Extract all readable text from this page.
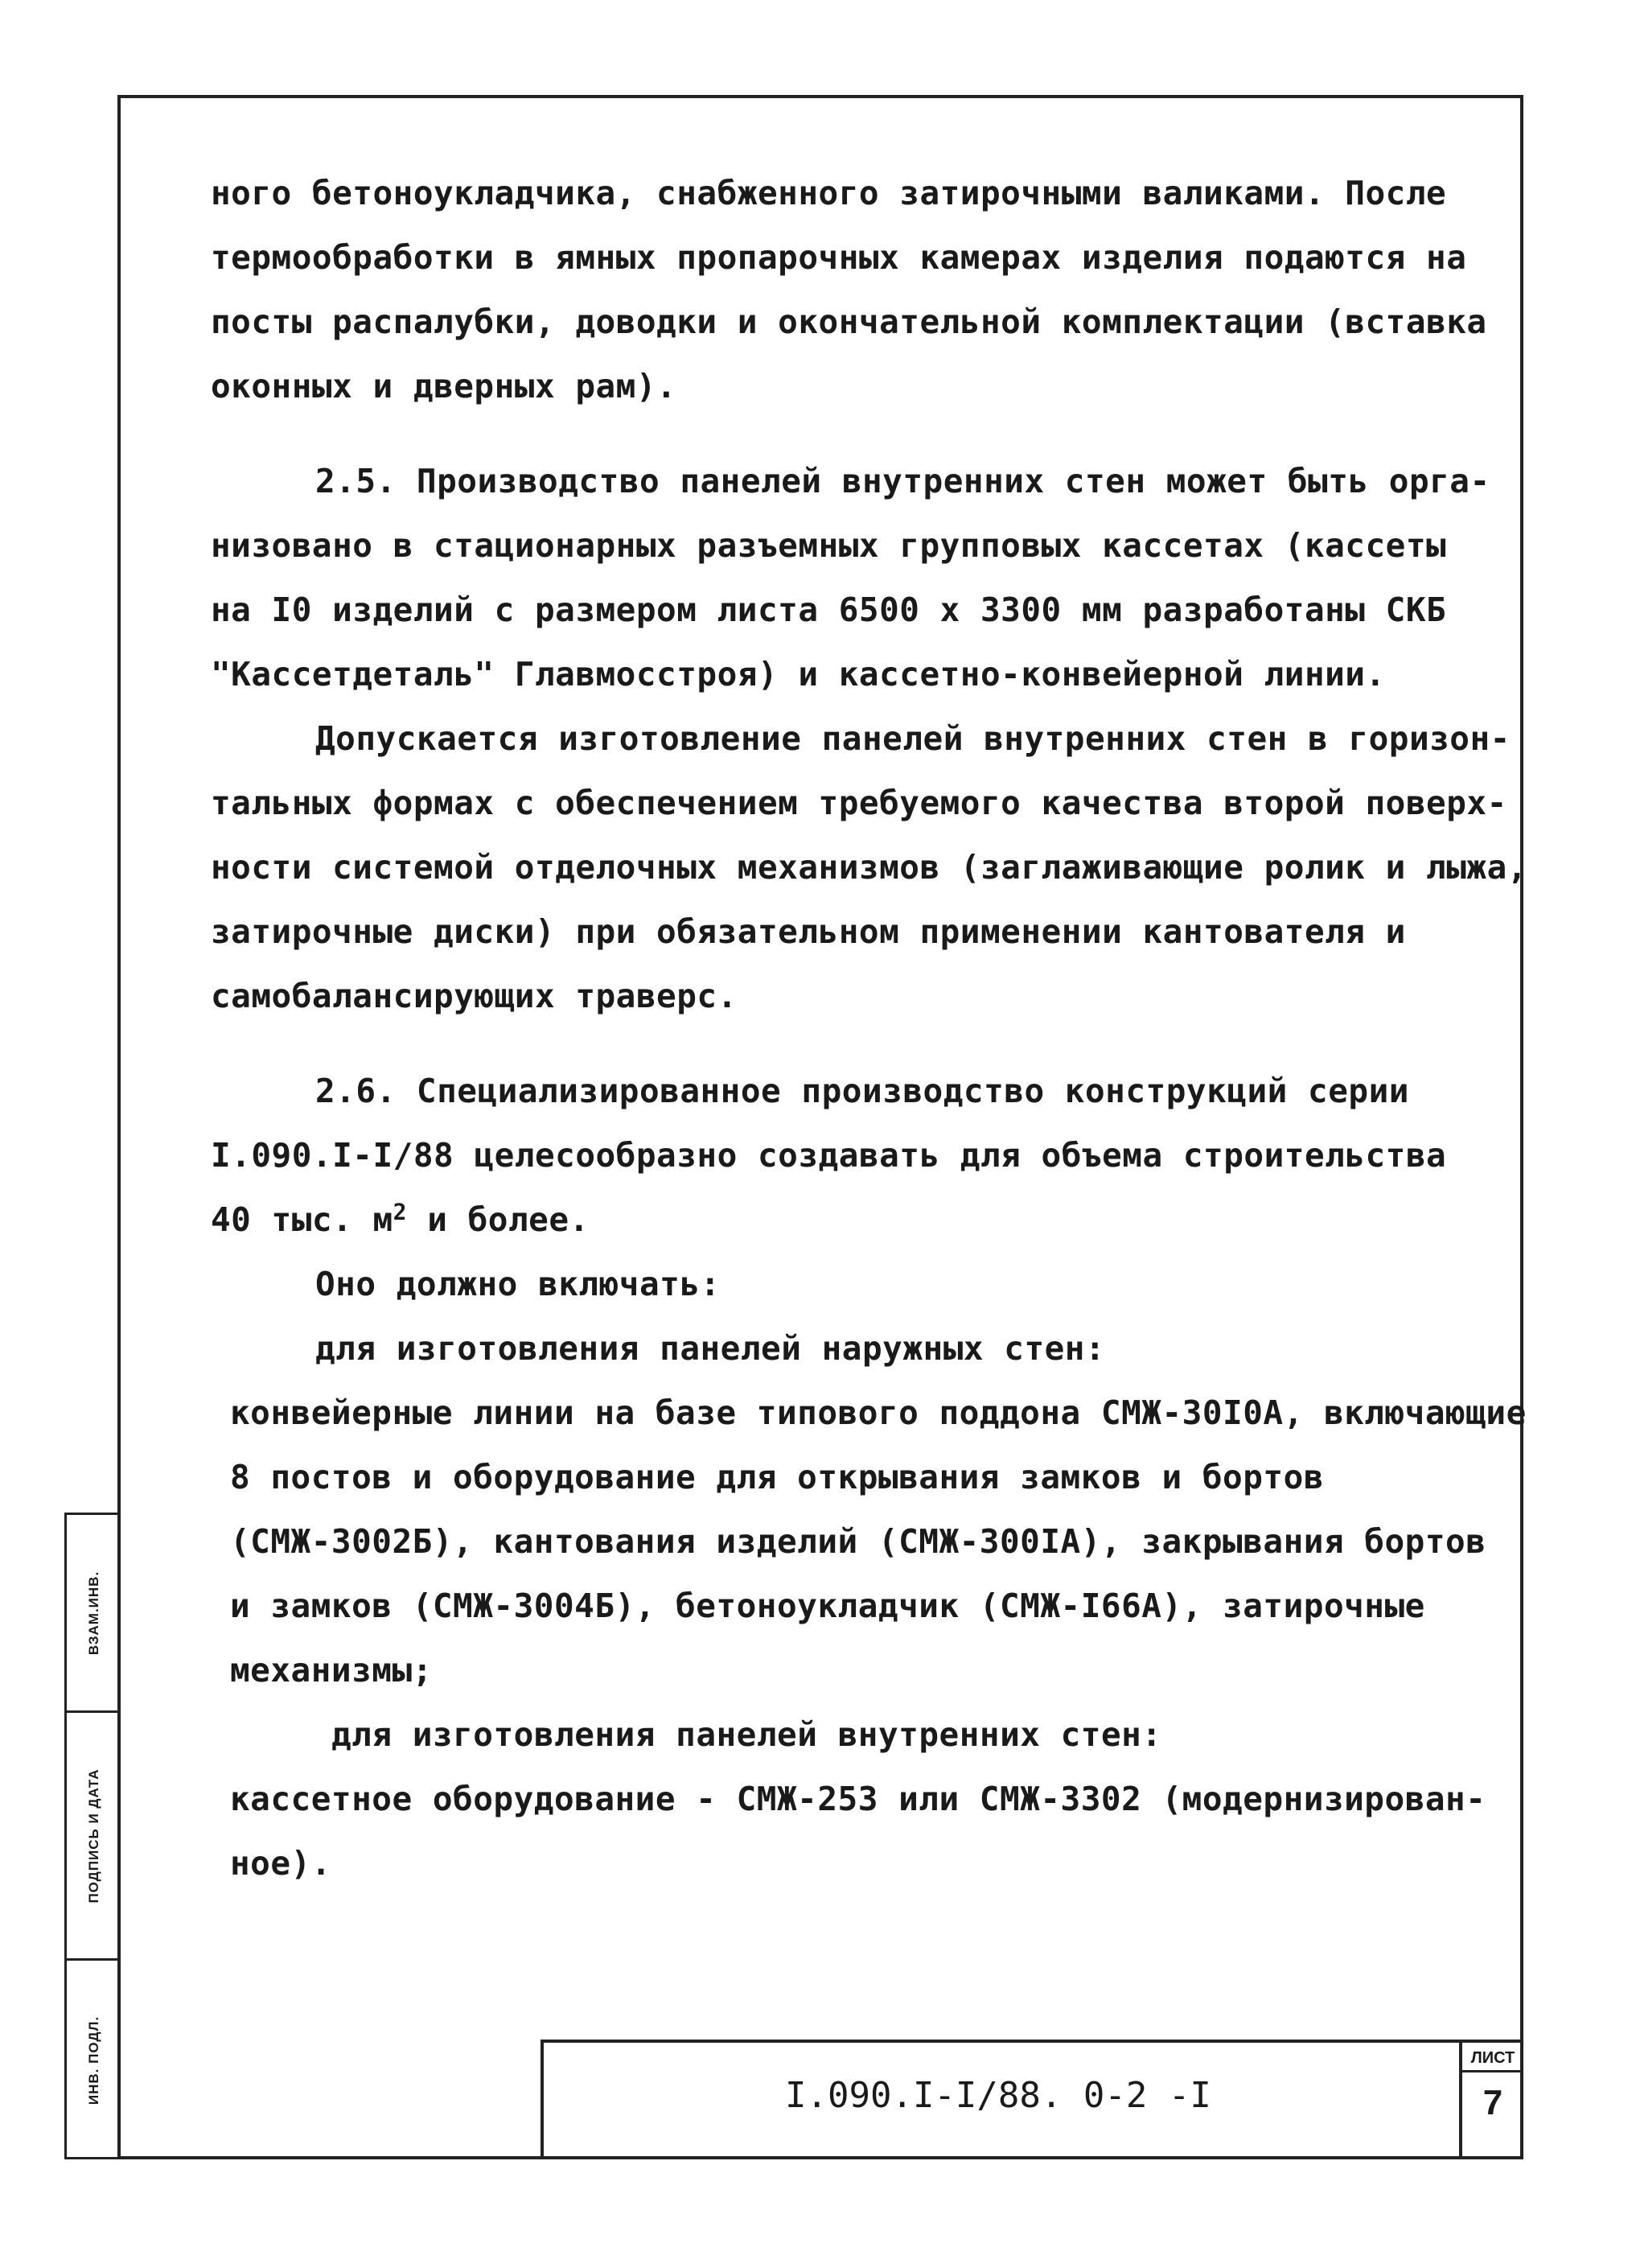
ного бетоноукладчика, снабженного затирочными валиками. После
термообработки в ямных пропарочных камерах изделия подаются на
посты распалубки, доводки и окончательной комплектации (вставка
оконных и дверных рам).
2.5. Производство панелей внутренних стен может быть орга-
низовано в стационарных разъемных групповых кассетах (кассеты
на I0 изделий с размером листа 6500 х 3300 мм разработаны СКБ
"Касcетдеталь" Главмосстроя) и кассетно-конвейерной линии.
Допускается изготовление панелей внутренних стен в горизон-
тальных формах с обеспечением требуемого качества второй поверх-
ности системой отделочных механизмов (заглаживающие ролик и лыжа,
затирочные диски) при обязательном применении кантователя и
самобалансирующих траверс.
2.6. Специализированное производство конструкций серии
I.090.I-I/88 целесообразно создавать для объема строительства
40 тыс. $м^2$ и более.
Оно должно включать:
для изготовления панелей наружных стен:
конвейерные линии на базе типового поддона СМЖ-30I0А, включающие
8 постов и оборудование для открывания замков и бортов
(СМЖ-3002Б), кантования изделий (СМЖ-300IА), закрывания бортов
и замков (СМЖ-3004Б), бетоноукладчик (СМЖ-I66А), затирочные
механизмы;
для изготовления панелей внутренних стен:
кассетное оборудование - СМЖ-253 или СМЖ-3302 (модернизирован-
ное).
ВЗАМ.ИНВ.
ПОДПИСЬ И ДАТА
ИНВ. ПОДЛ.	I.090.I-I/88. 0-2 -I
ЛИСТ
7
